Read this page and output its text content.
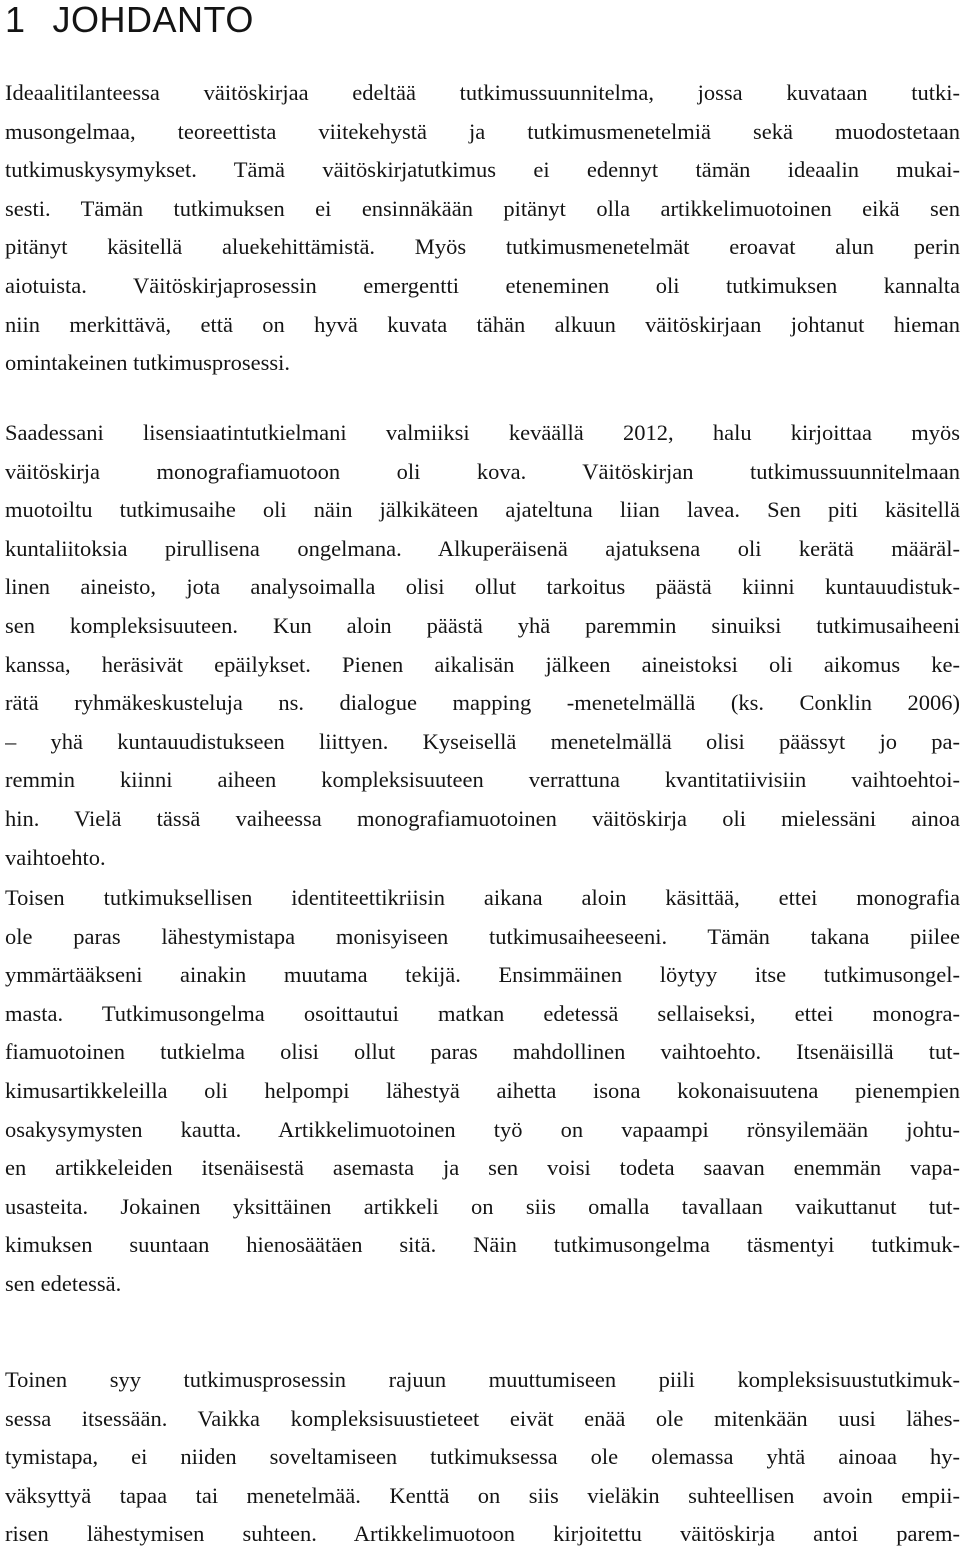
1 JOHDANTO
Ideaalitilanteessa väitöskirjaa edeltää tutkimussuunnitelma, jossa kuvataan tutki-
musongelmaa, teoreettista viitekehystä ja tutkimusmenetelmiä sekä muodostetaan
tutkimuskysymykset. Tämä väitöskirjatutkimus ei edennyt tämän ideaalin mukai-
sesti. Tämän tutkimuksen ei ensinnäkään pitänyt olla artikkelimuotoinen eikä sen
pitänyt käsitellä aluekehittämistä. Myös tutkimusmenetelmät eroavat alun perin
aiotuista. Väitöskirjaprosessin emergentti eteneminen oli tutkimuksen kannalta
niin merkittävä, että on hyvä kuvata tähän alkuun väitöskirjaan johtanut hieman
omintakeinen tutkimusprosessi.
Saadessani lisensiaatintutkielmani valmiiksi keväällä 2012, halu kirjoittaa myös
väitöskirja monografiamuotoon oli kova. Väitöskirjan tutkimussuunnitelmaan
muotoiltu tutkimusaihe oli näin jälkikäteen ajateltuna liian lavea. Sen piti käsitellä
kuntaliitoksia pirullisena ongelmana. Alkuperäisenä ajatuksena oli kerätä määräl-
linen aineisto, jota analysoimalla olisi ollut tarkoitus päästä kiinni kuntauudistuk-
sen kompleksisuuteen. Kun aloin päästä yhä paremmin sinuiksi tutkimusaiheeni
kanssa, heräsivät epäilykset. Pienen aikalisän jälkeen aineistoksi oli aikomus ke-
rätä ryhmäkeskusteluja ns. dialogue mapping -menetelmällä (ks. Conklin 2006)
– yhä kuntauudistukseen liittyen. Kyseisellä menetelmällä olisi päässyt jo pa-
remmin kiinni aiheen kompleksisuuteen verrattuna kvantitatiivisiin vaihtoehtoi-
hin. Vielä tässä vaiheessa monografiamuotoinen väitöskirja oli mielessäni ainoa
vaihtoehto.
Toisen tutkimuksellisen identiteettikriisin aikana aloin käsittää, ettei monografia
ole paras lähestymistapa monisyiseen tutkimusaiheeseeni. Tämän takana piilee
ymmärtääkseni ainakin muutama tekijä. Ensimmäinen löytyy itse tutkimusongel-
masta. Tutkimusongelma osoittautui matkan edetessä sellaiseksi, ettei monogra-
fiamuotoinen tutkielma olisi ollut paras mahdollinen vaihtoehto. Itsenäisillä tut-
kimusartikkeleilla oli helpompi lähestyä aihetta isona kokonaisuutena pienempien
osakysymysten kautta. Artikkelimuotoinen työ on vapaampi rönsyilemään johtu-
en artikkeleiden itsenäisestä asemasta ja sen voisi todeta saavan enemmän vapa-
usasteita. Jokainen yksittäinen artikkeli on siis omalla tavallaan vaikuttanut tut-
kimuksen suuntaan hienosäätäen sitä. Näin tutkimusongelma täsmentyi tutkimuk-
sen edetessä.
Toinen syy tutkimusprosessin rajuun muuttumiseen piili kompleksisuustutkimuk-
sessa itsessään. Vaikka kompleksisuustieteet eivät enää ole mitenkään uusi lähes-
tymistapa, ei niiden soveltamiseen tutkimuksessa ole olemassa yhtä ainoaa hy-
väksyttyä tapaa tai menetelmää. Kenttä on siis vieläkin suhteellisen avoin empii-
risen lähestymisen suhteen. Artikkelimuotoon kirjoitettu väitöskirja antoi parem-
